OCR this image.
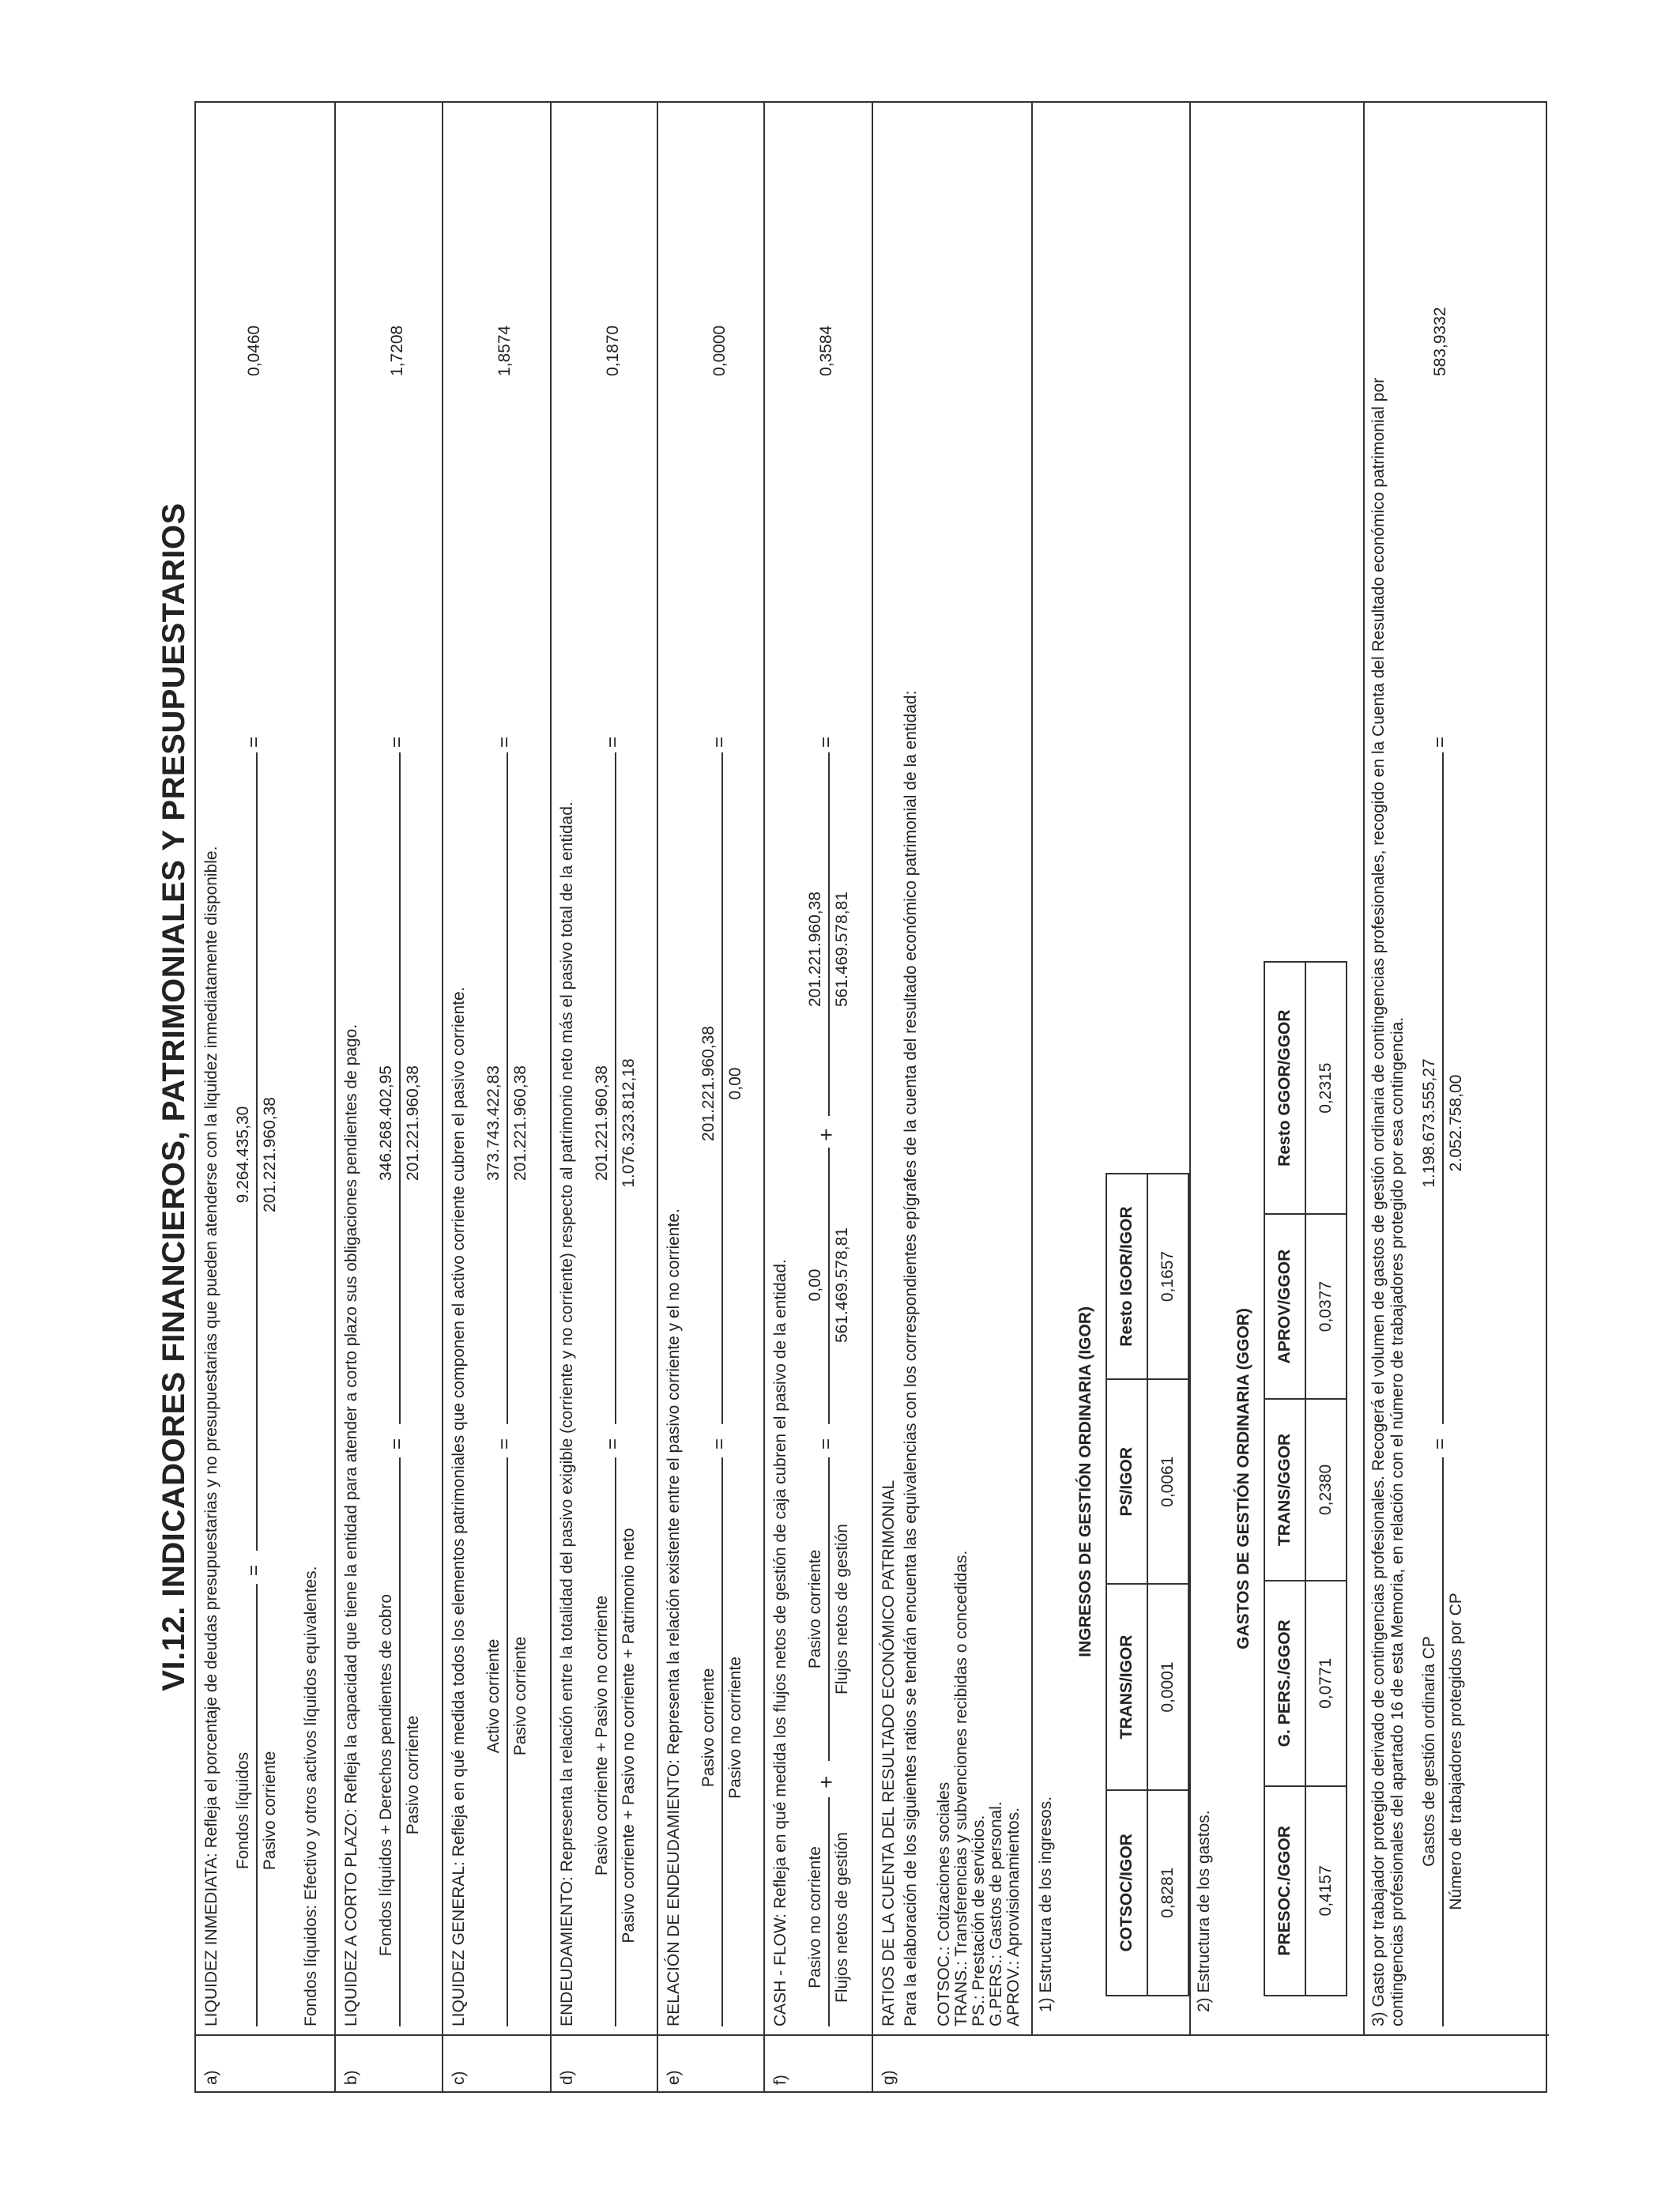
VI.12. INDICADORES FINANCIEROS, PATRIMONIALES Y PRESUPUESTARIOS
a)
LIQUIDEZ INMEDIATA: Refleja el porcentaje de deudas presupuestarias y no presupuestarias que pueden atenderse con la liquidez inmediatamente disponible. Fondos líquidos Pasivo corriente
=
9.264.435,30 201.221.960,38
=
0,0460
Fondos líquidos: Efectivo y otros activos líquidos equivalentes.
b)
LIQUIDEZ A CORTO PLAZO: Refleja la capacidad que tiene la entidad para atender a corto plazo sus obligaciones pendientes de pago. Fondos líquidos + Derechos pendientes de cobro Pasivo corriente
=
346.268.402,95 201.221.960,38
=
1,7208
c)
LIQUIDEZ GENERAL: Refleja en qué medida todos los elementos patrimoniales que componen el activo corriente cubren el pasivo corriente. Activo corriente Pasivo corriente
=
373.743.422,83 201.221.960,38
=
1,8574
d)
ENDEUDAMIENTO: Representa la relación entre la totalidad del pasivo exigible (corriente y no corriente) respecto al patrimonio neto más el pasivo total de la entidad. Pasivo corriente + Pasivo no corriente Pasivo corriente + Pasivo no corriente + Patrimonio neto
=
201.221.960,38 1.076.323.812,18
=
0,1870
e)
RELACIÓN DE ENDEUDAMIENTO: Representa la relación existente entre el pasivo corriente y el no corriente. Pasivo corriente Pasivo no corriente
=
201.221.960,38 0,00
=
0,0000
f)
CASH - FLOW: Refleja en qué medida los flujos netos de gestión de caja cubren el pasivo de la entidad. Pasivo no corriente Flujos netos de gestión
+
Pasivo corriente Flujos netos de gestión
=
0,00 561.469.578,81
+
201.221.960,38 561.469.578,81
=
0,3584
g)
RATIOS DE LA CUENTA DEL RESULTADO ECONÓMICO PATRIMONIAL Para la elaboración de los siguientes ratios se tendrán encuenta las equivalencias con los correspondientes epígrafes de la cuenta del resultado económico patrimonial de la entidad: COTSOC.: Cotizaciones sociales TRANS.: Transferencias y subvenciones recibidas o concedidas. PS.: Prestación de servicios. G.PERS.: Gastos de personal. APROV.: Aprovisionamientos. 1) Estructura de los ingresos.
	INGRESOS DE GESTIÓN ORDINARIA (IGOR)			
COTSOC/IGOR	TRANS/IGOR	PS/IGOR	Resto IGOR/IGOR	
0,8281	0,0001	0,0061	0,1657	
2) Estructura de los gastos.
GASTOS DE GESTIÓN ORDINARIA (GGOR)				
PRESOC./GGOR	G. PERS./GGOR	TRANS/GGOR	APROV/GGOR	Resto GGOR/GGOR
0,4157	0,0771	0,2380	0,0377	0,2315 3) Gasto por trabajador protegido derivado de contingencias profesionales. Recogerá el volumen de gastos de gestión ordinaria de contingencias profesionales, recogido en la Cuenta del Resultado económico patrimonial por contingencias profesionales del apartado 16 de esta Memoria, en relación con el número de trabajadores protegido por esa contingencia. Gastos de gestión ordinaria CP Número de trabajadores protegidos por CP
=
1.198.673.555,27 2.052.758,00
=
583,9332
